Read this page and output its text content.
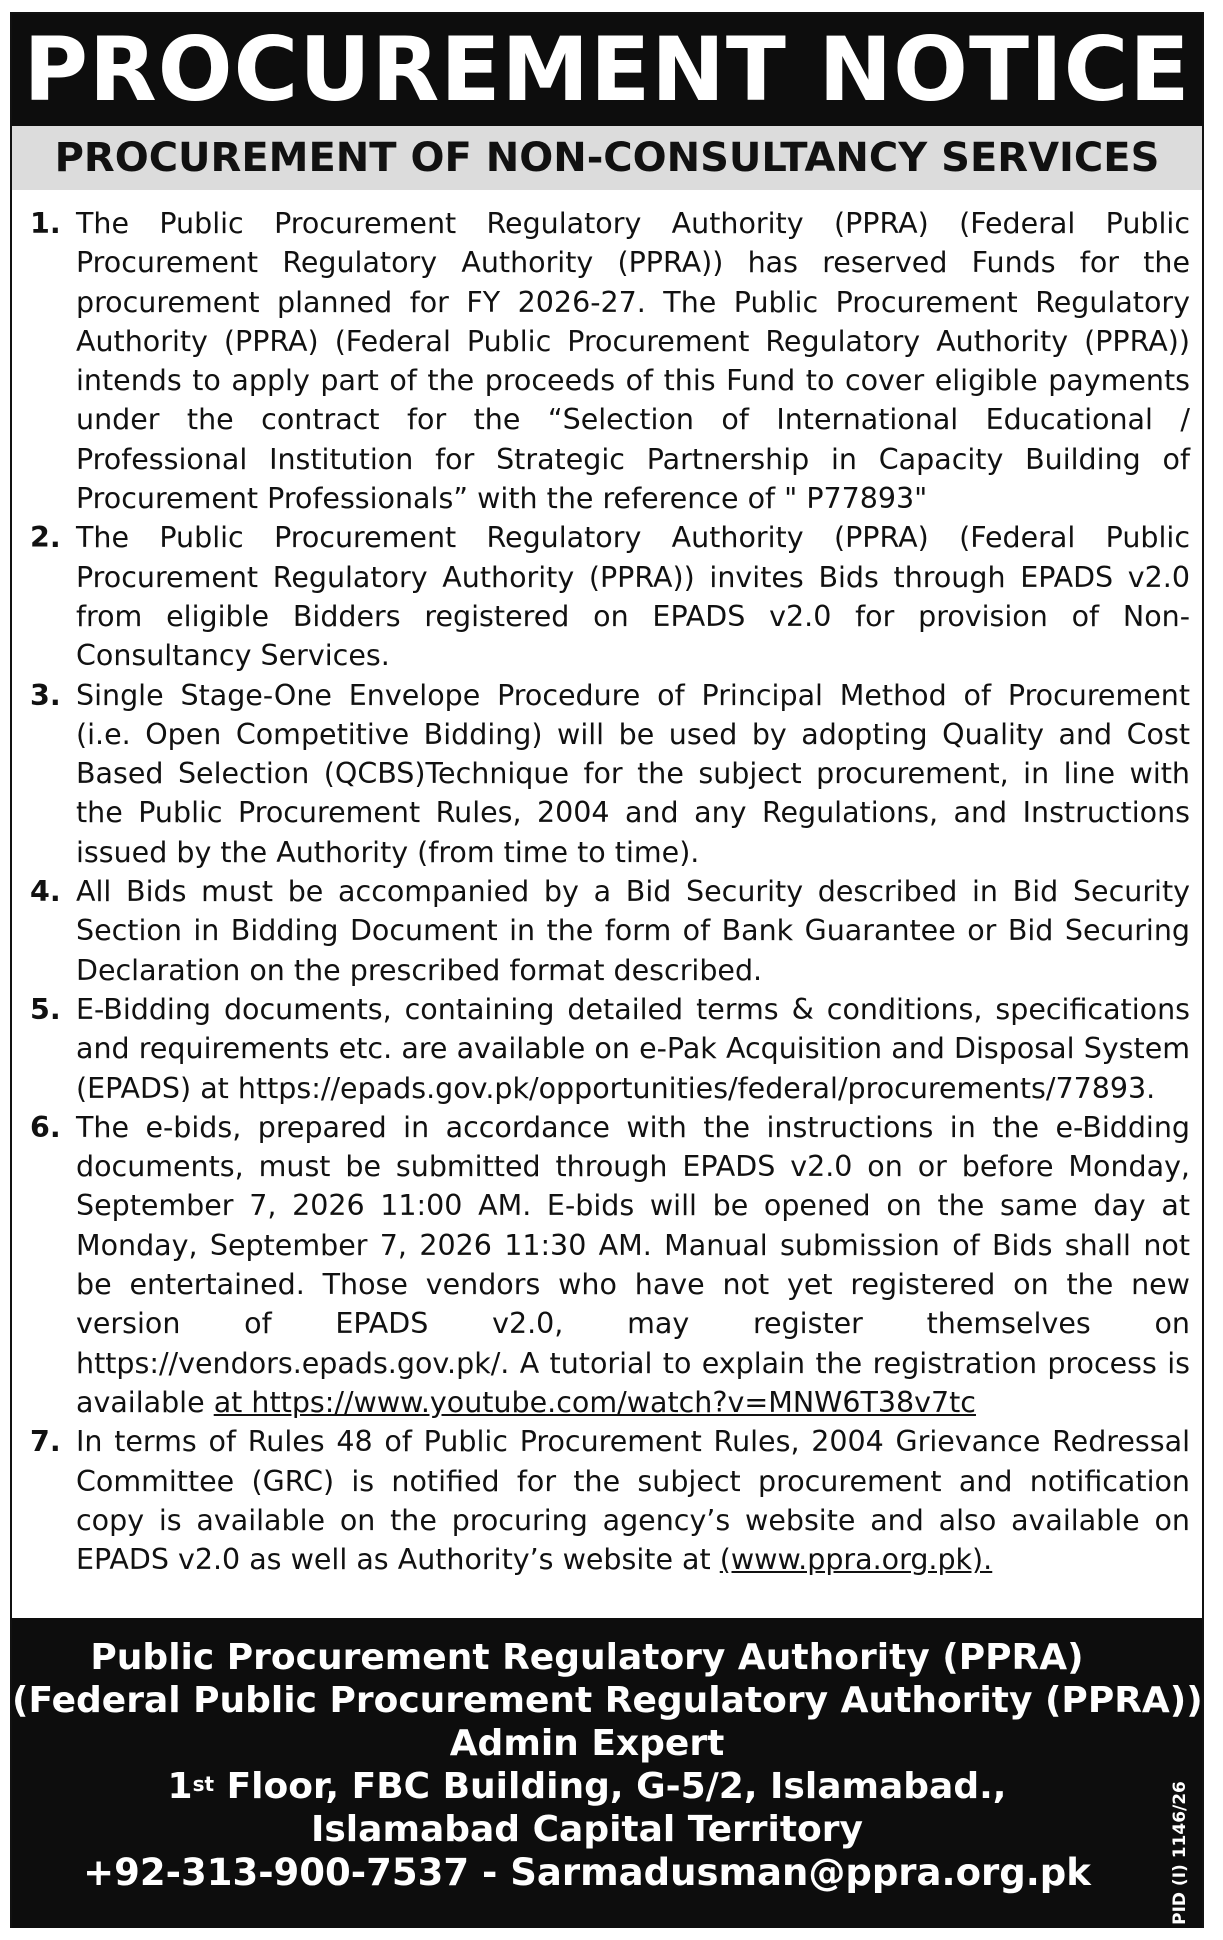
PROCUREMENT NOTICE
PROCUREMENT OF NON-CONSULTANCY SERVICES
1. The Public Procurement Regulatory Authority (PPRA) (Federal Public Procurement Regulatory Authority (PPRA)) has reserved Funds for the procurement planned for FY 2026-27. The Public Procurement Regulatory Authority (PPRA) (Federal Public Procurement Regulatory Authority (PPRA)) intends to apply part of the proceeds of this Fund to cover eligible payments under the contract for the “Selection of International Educational / Professional Institution for Strategic Partnership in Capacity Building of Procurement Professionals” with the reference of " P77893"
2. The Public Procurement Regulatory Authority (PPRA) (Federal Public Procurement Regulatory Authority (PPRA)) invites Bids through EPADS v2.0 from eligible Bidders registered on EPADS v2.0 for provision of Non-Consultancy Services.
3. Single Stage-One Envelope Procedure of Principal Method of Procurement (i.e. Open Competitive Bidding) will be used by adopting Quality and Cost Based Selection (QCBS)Technique for the subject procurement, in line with the Public Procurement Rules, 2004 and any Regulations, and Instructions issued by the Authority (from time to time).
4. All Bids must be accompanied by a Bid Security described in Bid Security Section in Bidding Document in the form of Bank Guarantee or Bid Securing Declaration on the prescribed format described.
5. E-Bidding documents, containing detailed terms & conditions, specifications and requirements etc. are available on e-Pak Acquisition and Disposal System (EPADS) at https://epads.gov.pk/opportunities/federal/procurements/77893.
6. The e-bids, prepared in accordance with the instructions in the e-Bidding documents, must be submitted through EPADS v2.0 on or before Monday, September 7, 2026 11:00 AM. E-bids will be opened on the same day at Monday, September 7, 2026 11:30 AM. Manual submission of Bids shall not be entertained. Those vendors who have not yet registered on the new version of EPADS v2.0, may register themselves on https://vendors.epads.gov.pk/. A tutorial to explain the registration process is available at https://www.youtube.com/watch?v=MNW6T38v7tc
7. In terms of Rules 48 of Public Procurement Rules, 2004 Grievance Redressal Committee (GRC) is notified for the subject procurement and notification copy is available on the procuring agency’s website and also available on EPADS v2.0 as well as Authority’s website at (www.ppra.org.pk).
Public Procurement Regulatory Authority (PPRA)
(Federal Public Procurement Regulatory Authority (PPRA)),
Admin Expert
1st Floor, FBC Building, G-5/2, Islamabad.,
Islamabad Capital Territory
+92-313-900-7537 - Sarmadusman@ppra.org.pk	PID (I) 1146/26
